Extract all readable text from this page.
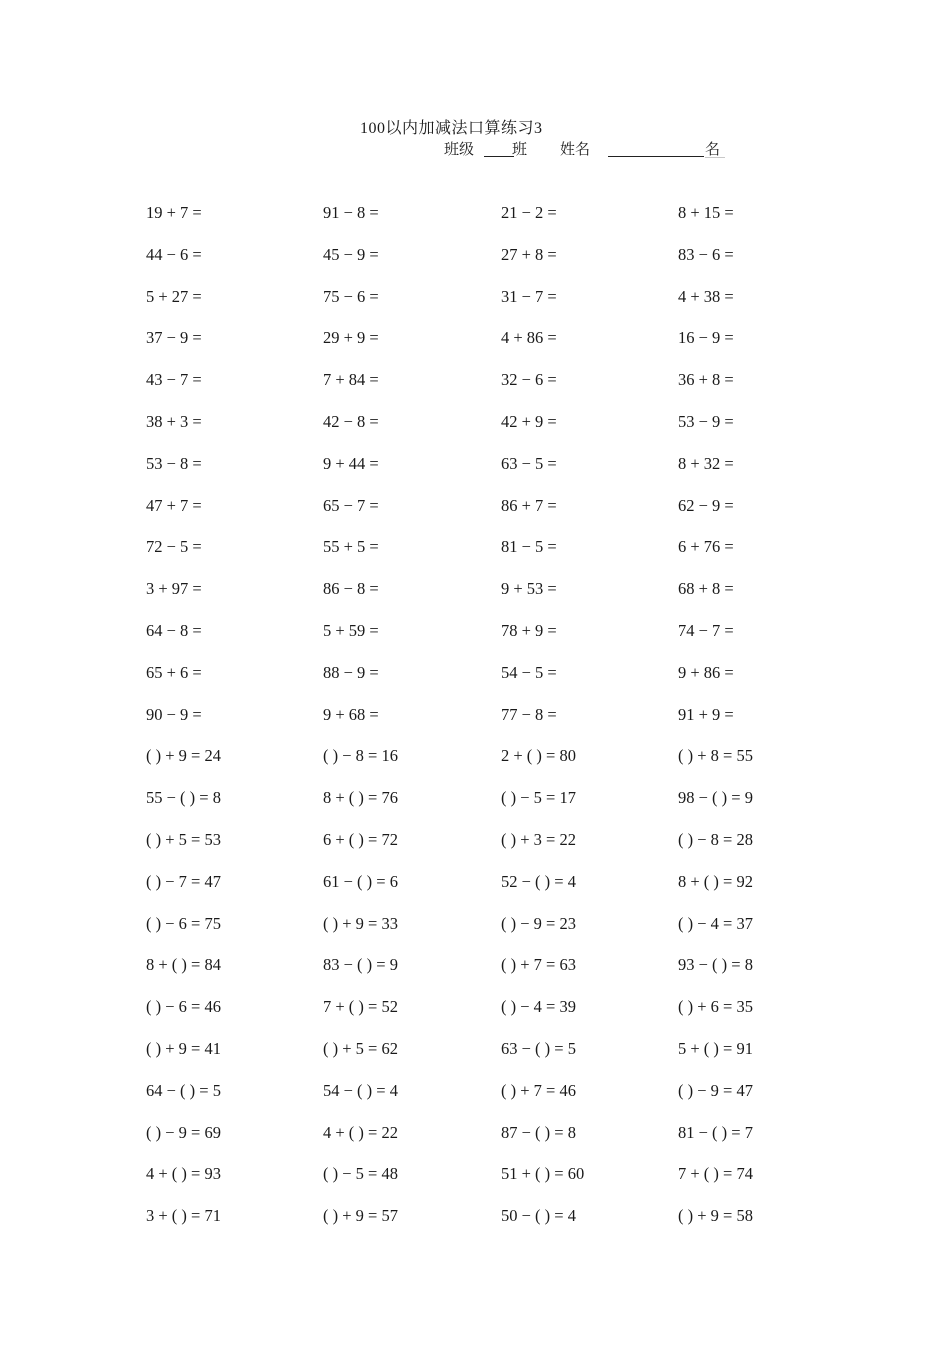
100以内加减法口算练习3
班级	班 姓名	名
19 + 7 =	91 − 8 =	21 − 2 =	8 + 15 =
44 − 6 =	45 − 9 =	27 + 8 =	83 − 6 =
5 + 27 =	75 − 6 =	31 − 7 =	4 + 38 =
37 − 9 =	29 + 9 =	4 + 86 =	16 − 9 =
43 − 7 =	7 + 84 =	32 − 6 =	36 + 8 =
38 + 3 =	42 − 8 =	42 + 9 =	53 − 9 =
53 − 8 =	9 + 44 =	63 − 5 =	8 + 32 =
47 + 7 =	65 − 7 =	86 + 7 =	62 − 9 =
72 − 5 =	55 + 5 =	81 − 5 =	6 + 76 =
3 + 97 =	86 − 8 =	9 + 53 =	68 + 8 =
64 − 8 =	5 + 59 =	78 + 9 =	74 − 7 =
65 + 6 =	88 − 9 =	54 − 5 =	9 + 86 =
90 − 9 =	9 + 68 =	77 − 8 =	91 + 9 =
( ) + 9 = 24	( ) − 8 = 16	2 + ( ) = 80	( ) + 8 = 55
55 − ( ) = 8	8 + ( ) = 76	( ) − 5 = 17	98 − ( ) = 9
( ) + 5 = 53	6 + ( ) = 72	( ) + 3 = 22	( ) − 8 = 28
( ) − 7 = 47	61 − ( ) = 6	52 − ( ) = 4	8 + ( ) = 92
( ) − 6 = 75	( ) + 9 = 33	( ) − 9 = 23	( ) − 4 = 37
8 + ( ) = 84	83 − ( ) = 9	( ) + 7 = 63	93 − ( ) = 8
( ) − 6 = 46	7 + ( ) = 52	( ) − 4 = 39	( ) + 6 = 35
( ) + 9 = 41	( ) + 5 = 62	63 − ( ) = 5	5 + ( ) = 91
64 − ( ) = 5	54 − ( ) = 4	( ) + 7 = 46	( ) − 9 = 47
( ) − 9 = 69	4 + ( ) = 22	87 − ( ) = 8	81 − ( ) = 7
4 + ( ) = 93	( ) − 5 = 48	51 + ( ) = 60	7 + ( ) = 74
3 + ( ) = 71	( ) + 9 = 57	50 − ( ) = 4	( ) + 9 = 58
